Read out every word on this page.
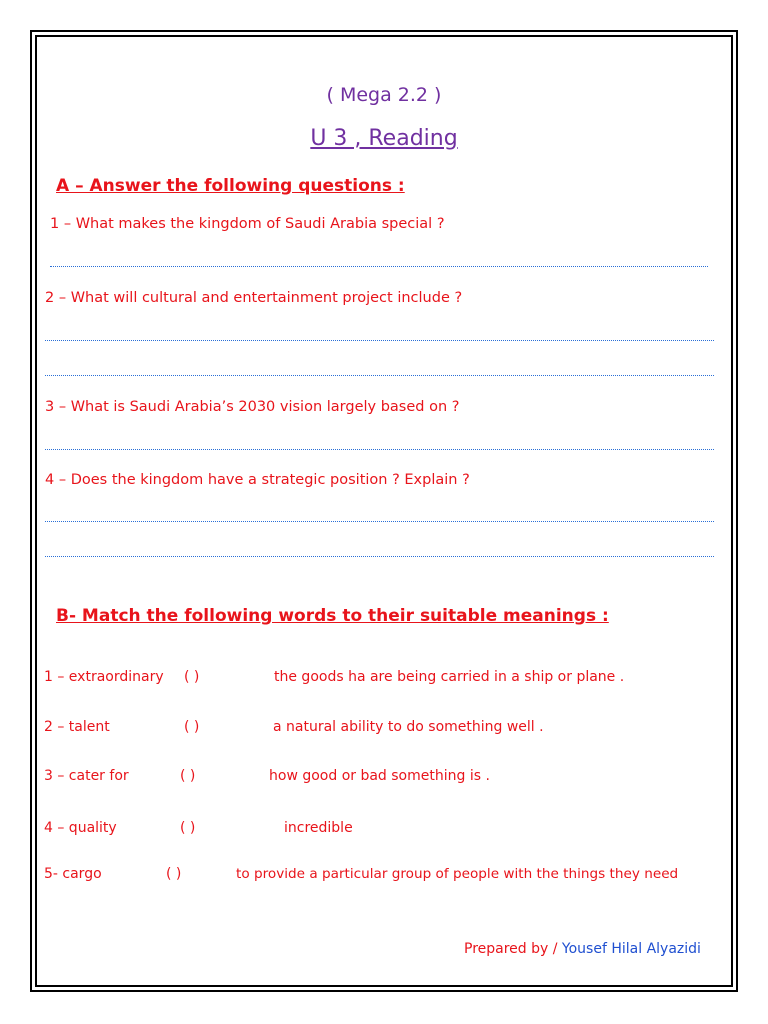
( Mega 2.2 )
U 3 , Reading
A – Answer the following questions :
1 – What makes the kingdom of Saudi Arabia special ?
2 – What will cultural and entertainment project include ?
3 – What is Saudi Arabia’s 2030 vision largely based on ?
4 – Does the kingdom have a strategic position ? Explain ?
B- Match the following words to their suitable meanings :
1 – extraordinary ( )	the goods ha are being carried in a ship or plane .
2 – talent	( )	a natural ability to do something well .
3 – cater for	( )	how good or bad something is .
4 – quality	( )	incredible
5- cargo	( )	to provide a particular group of people with the things they need
Prepared by / Yousef Hilal Alyazidi
